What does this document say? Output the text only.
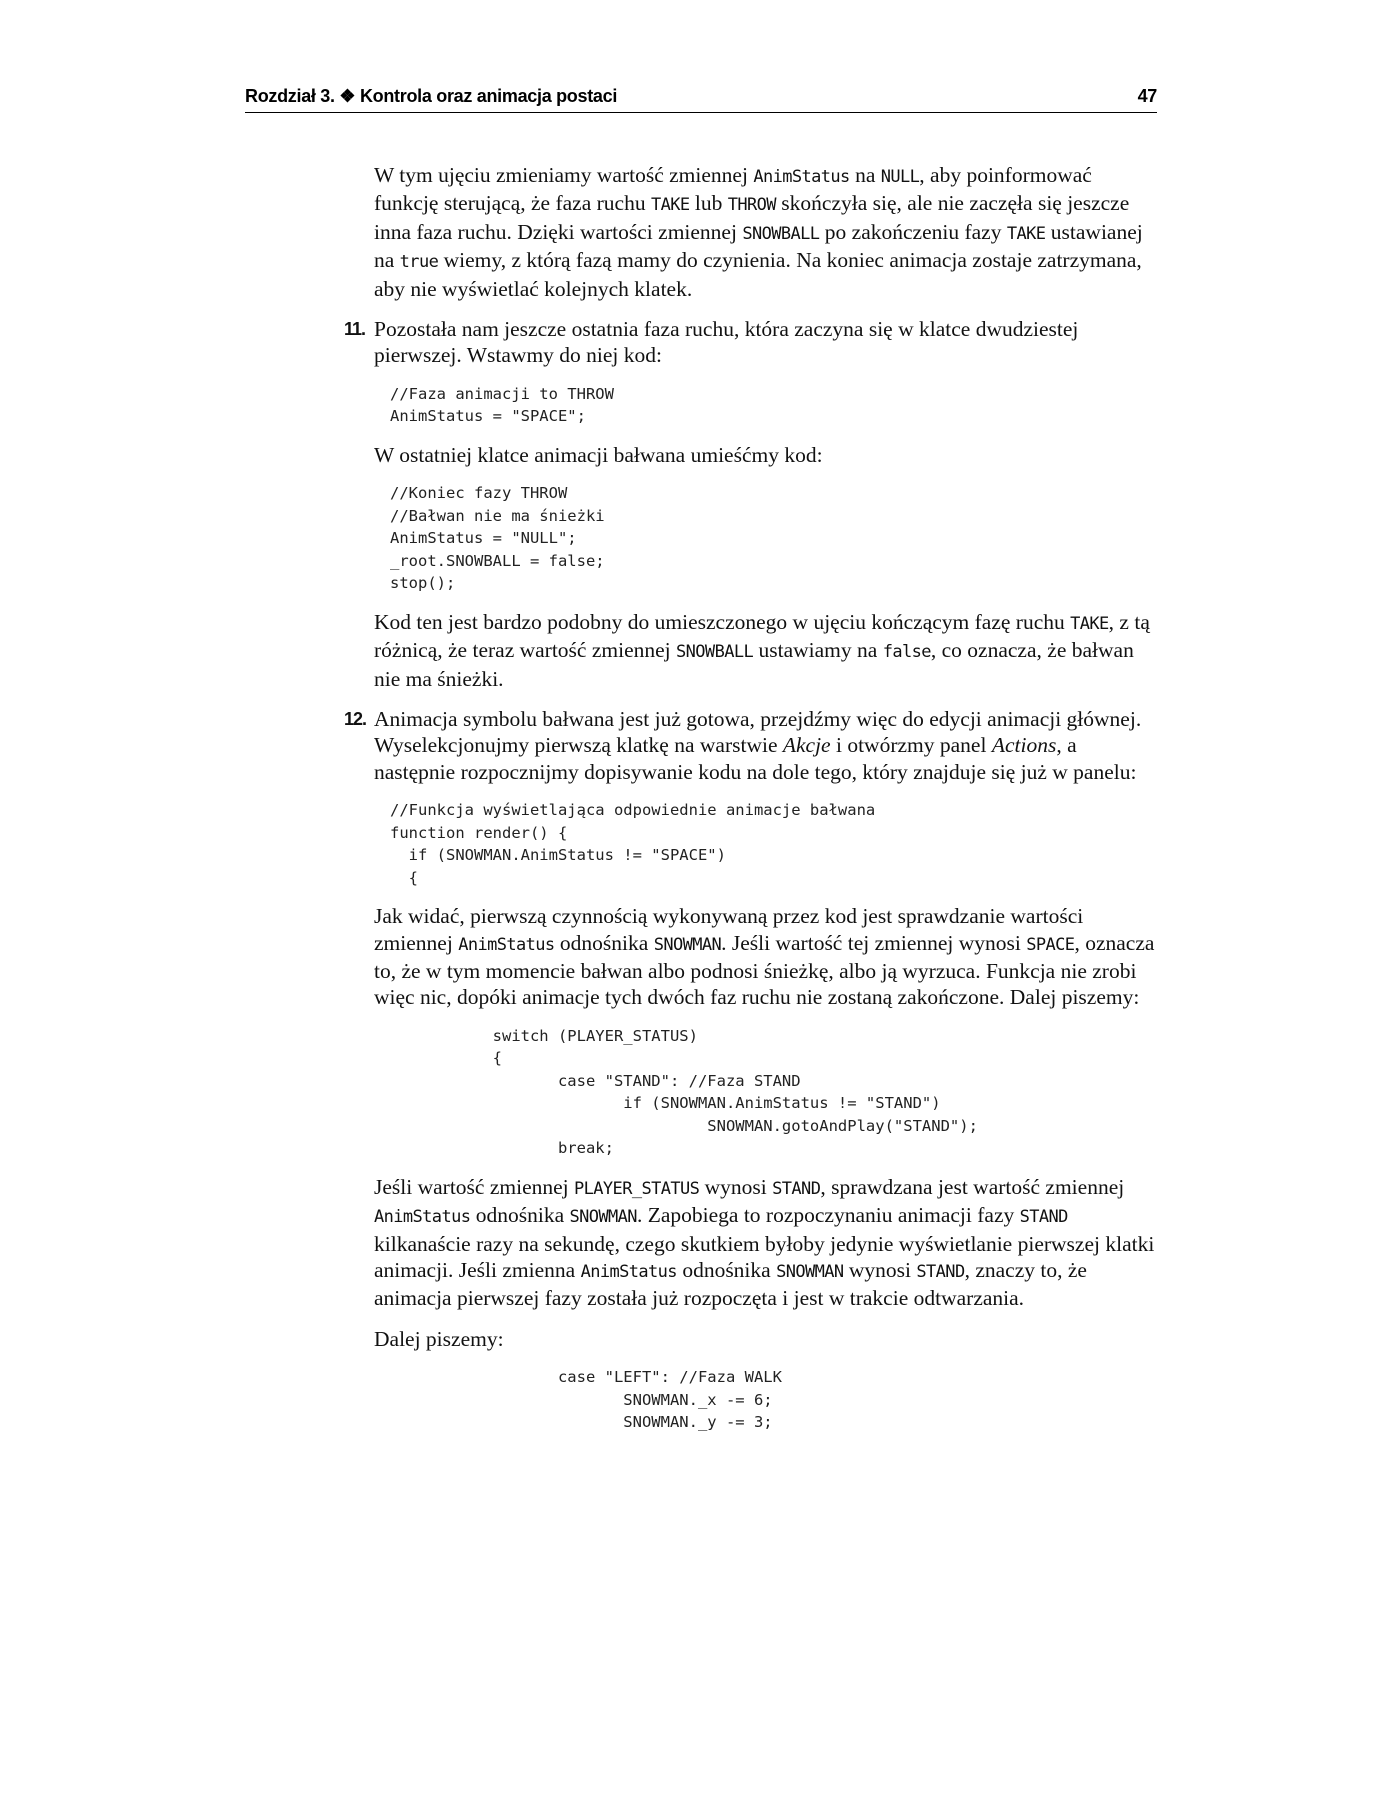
Rozdział 3. ❖ Kontrola oraz animacja postaci	47

W tym ujęciu zmieniamy wartość zmiennej AnimStatus na NULL, aby poinformować funkcję sterującą, że faza ruchu TAKE lub THROW skończyła się, ale nie zaczęła się jeszcze inna faza ruchu. Dzięki wartości zmiennej SNOWBALL po zakończeniu fazy TAKE ustawianej na true wiemy, z którą fazą mamy do czynienia. Na koniec animacja zostaje zatrzymana, aby nie wyświetlać kolejnych klatek.

11. Pozostała nam jeszcze ostatnia faza ruchu, która zaczyna się w klatce dwudziestej pierwszej. Wstawmy do niej kod:

//Faza animacji to THROW
AnimStatus = "SPACE";

W ostatniej klatce animacji bałwana umieśćmy kod:

//Koniec fazy THROW
//Bałwan nie ma śnieżki
AnimStatus = "NULL";
_root.SNOWBALL = false;
stop();

Kod ten jest bardzo podobny do umieszczonego w ujęciu kończącym fazę ruchu TAKE, z tą różnicą, że teraz wartość zmiennej SNOWBALL ustawiamy na false, co oznacza, że bałwan nie ma śnieżki.

12. Animacja symbolu bałwana jest już gotowa, przejdźmy więc do edycji animacji głównej. Wyselekcjonujmy pierwszą klatkę na warstwie Akcje i otwórzmy panel Actions, a następnie rozpocznijmy dopisywanie kodu na dole tego, który znajduje się już w panelu:

//Funkcja wyświetlająca odpowiednie animacje bałwana
function render() {
if (SNOWMAN.AnimStatus != "SPACE")
{

Jak widać, pierwszą czynnością wykonywaną przez kod jest sprawdzanie wartości zmiennej AnimStatus odnośnika SNOWMAN. Jeśli wartość tej zmiennej wynosi SPACE, oznacza to, że w tym momencie bałwan albo podnosi śnieżkę, albo ją wyrzuca. Funkcja nie zrobi więc nic, dopóki animacje tych dwóch faz ruchu nie zostaną zakończone. Dalej piszemy:

switch (PLAYER_STATUS)
{
case "STAND": //Faza STAND
if (SNOWMAN.AnimStatus != "STAND")
SNOWMAN.gotoAndPlay("STAND");
break;

Jeśli wartość zmiennej PLAYER_STATUS wynosi STAND, sprawdzana jest wartość zmiennej AnimStatus odnośnika SNOWMAN. Zapobiega to rozpoczynaniu animacji fazy STAND kilkanaście razy na sekundę, czego skutkiem byłoby jedynie wyświetlanie pierwszej klatki animacji. Jeśli zmienna AnimStatus odnośnika SNOWMAN wynosi STAND, znaczy to, że animacja pierwszej fazy została już rozpoczęta i jest w trakcie odtwarzania.

Dalej piszemy:

case "LEFT": //Faza WALK
SNOWMAN._x -= 6;
SNOWMAN._y -= 3;
